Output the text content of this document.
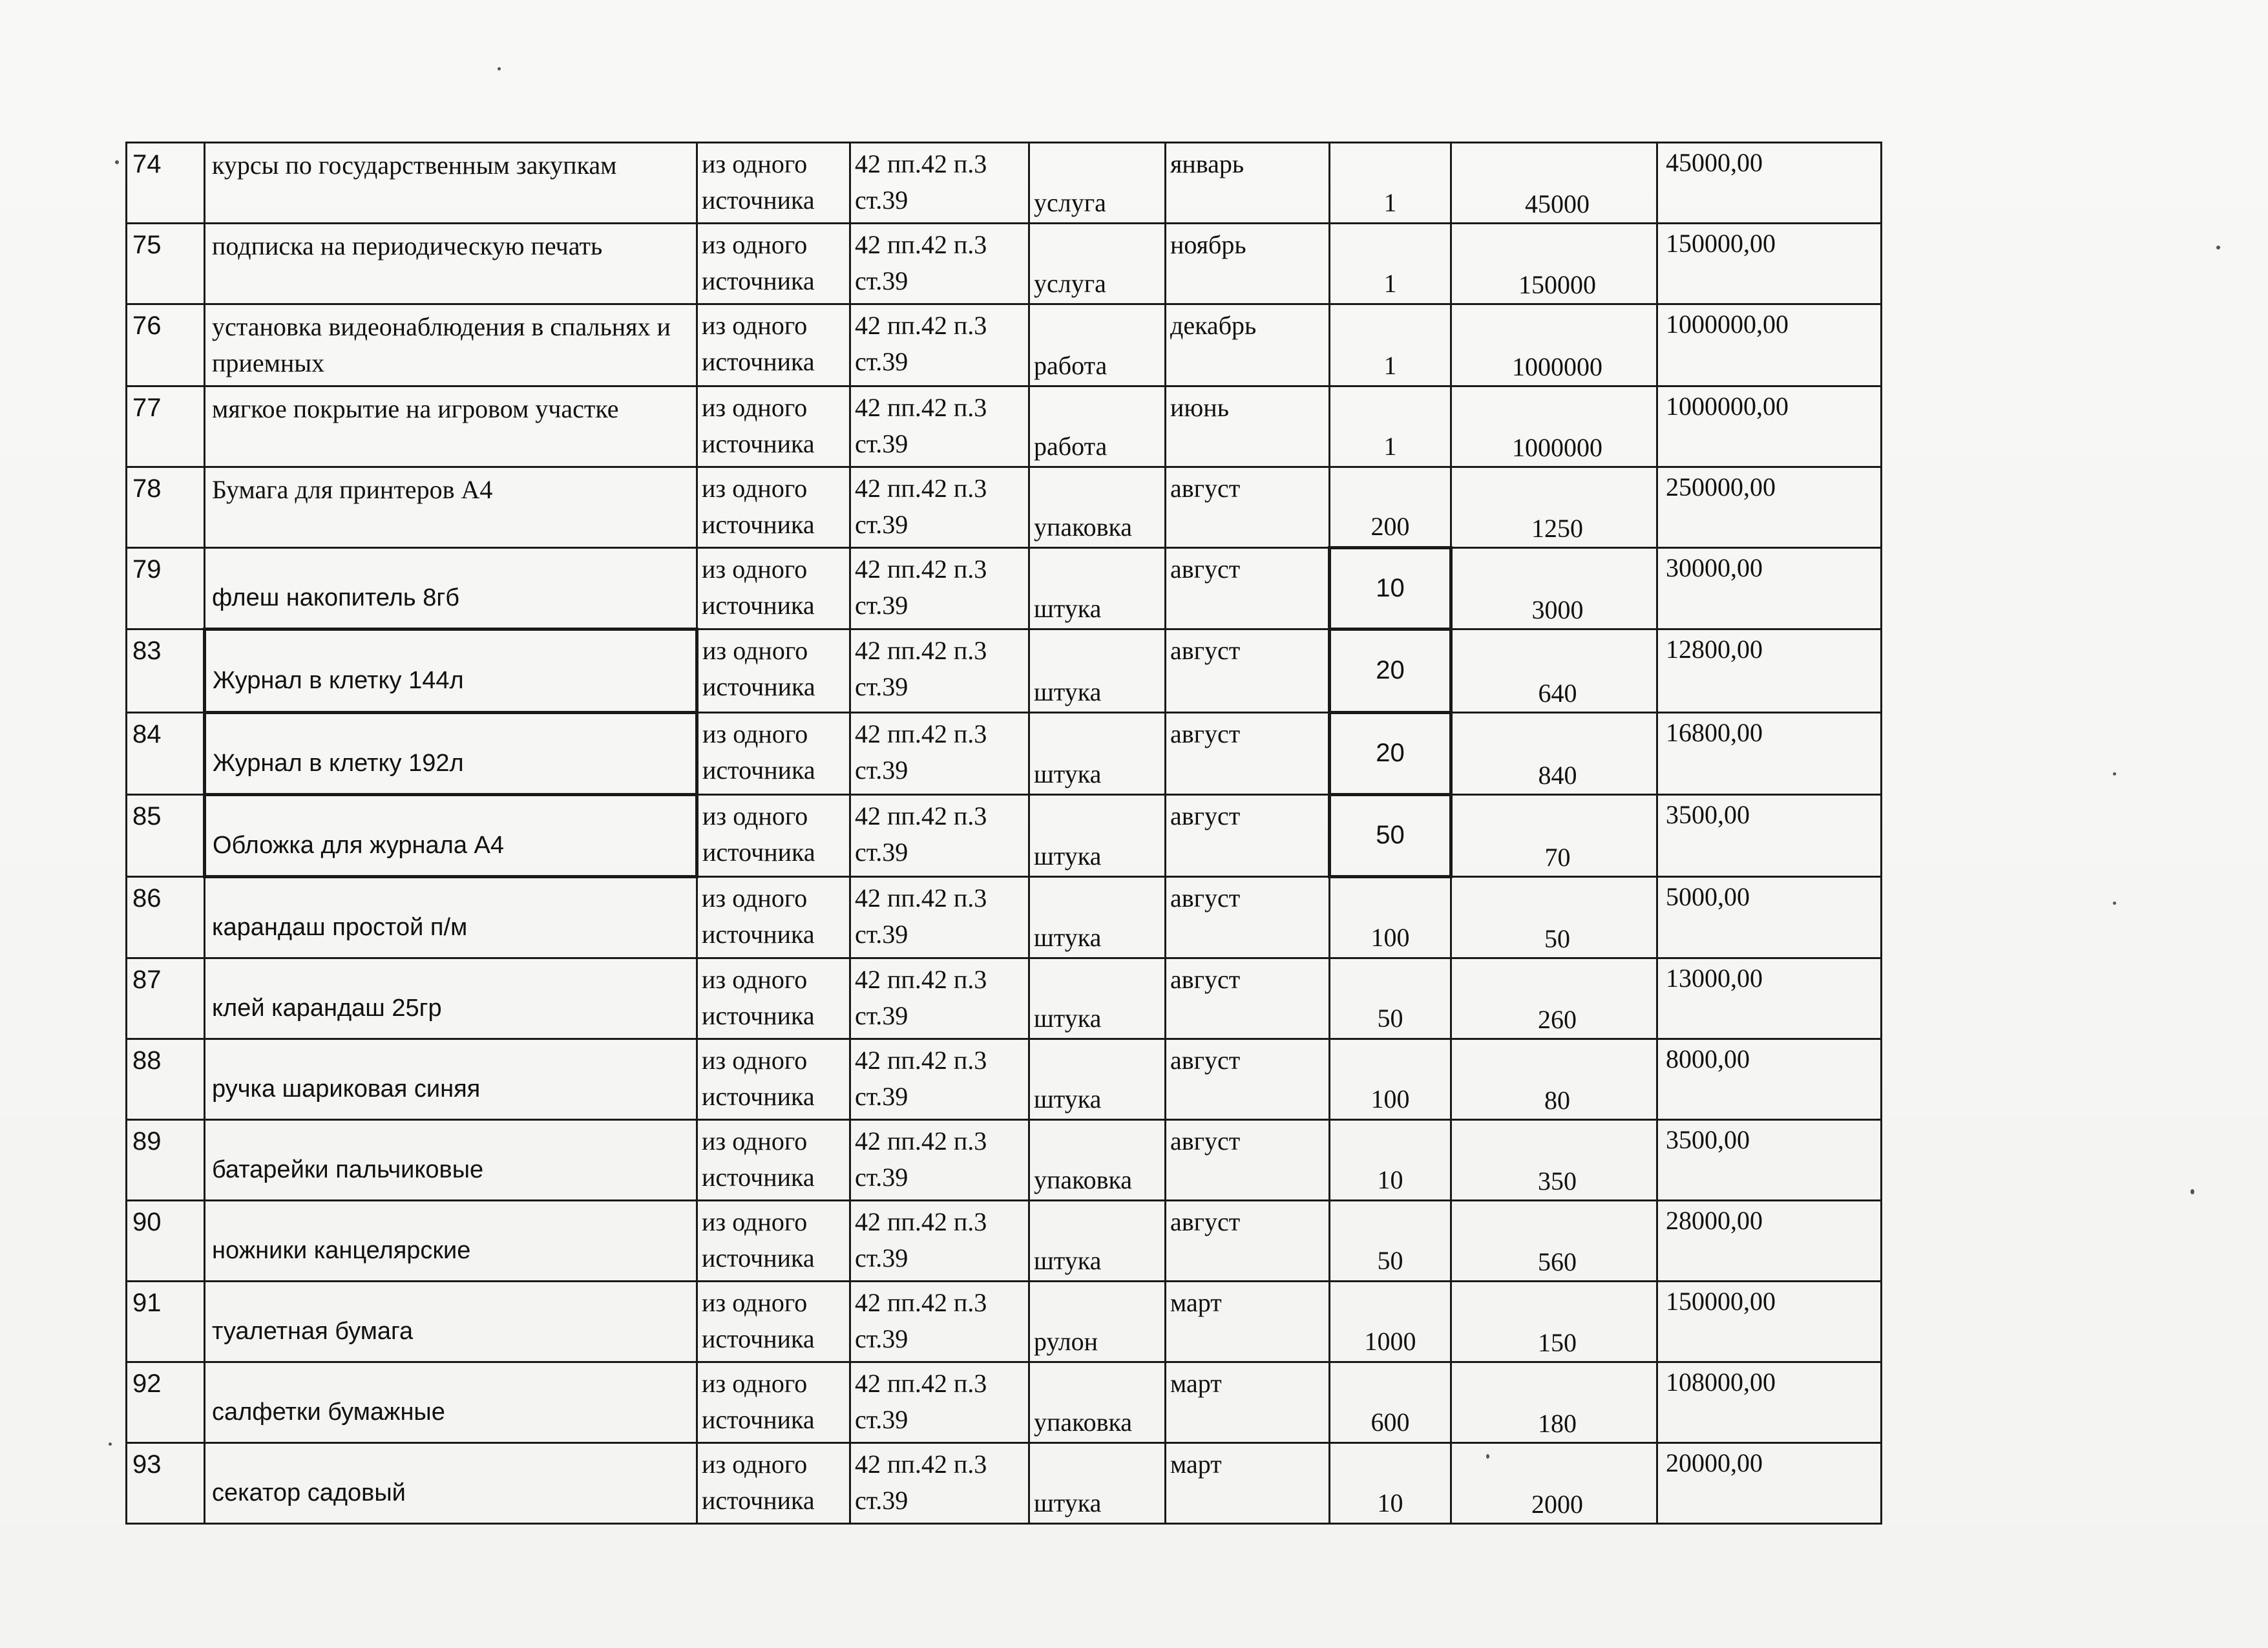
74	курсы по государственным закупкам	из одного
источника	42 пп.42 п.3
ст.39	услуга	январь	1	45000	45000,00
75	подписка на периодическую печать	из одного
источника	42 пп.42 п.3
ст.39	услуга	ноябрь	1	150000	150000,00
76	установка видеонаблюдения в спальнях и приемных	из одного
источника	42 пп.42 п.3
ст.39	работа	декабрь	1	1000000	1000000,00
77	мягкое покрытие на игровом участке	из одного
источника	42 пп.42 п.3
ст.39	работа	июнь	1	1000000	1000000,00
78	Бумага для принтеров А4	из одного
источника	42 пп.42 п.3
ст.39	упаковка	август	200	1250	250000,00
79	флеш накопитель 8гб	из одного
источника	42 пп.42 п.3
ст.39	штука	август	10	3000	30000,00
83	Журнал в клетку 144л	из одного
источника	42 пп.42 п.3
ст.39	штука	август	20	640	12800,00
84	Журнал в клетку 192л	из одного
источника	42 пп.42 п.3
ст.39	штука	август	20	840	16800,00
85	Обложка для журнала А4	из одного
источника	42 пп.42 п.3
ст.39	штука	август	50	70	3500,00
86	карандаш простой п/м	из одного
источника	42 пп.42 п.3
ст.39	штука	август	100	50	5000,00
87	клей карандаш 25гр	из одного
источника	42 пп.42 п.3
ст.39	штука	август	50	260	13000,00
88	ручка шариковая синяя	из одного
источника	42 пп.42 п.3
ст.39	штука	август	100	80	8000,00
89	батарейки пальчиковые	из одного
источника	42 пп.42 п.3
ст.39	упаковка	август	10	350	3500,00
90	ножники канцелярские	из одного
источника	42 пп.42 п.3
ст.39	штука	август	50	560	28000,00
91	туалетная бумага	из одного
источника	42 пп.42 п.3
ст.39	рулон	март	1000	150	150000,00
92	салфетки бумажные	из одного
источника	42 пп.42 п.3
ст.39	упаковка	март	600	180	108000,00
93	секатор садовый	из одного
источника	42 пп.42 п.3
ст.39	штука	март	10	2000	20000,00
